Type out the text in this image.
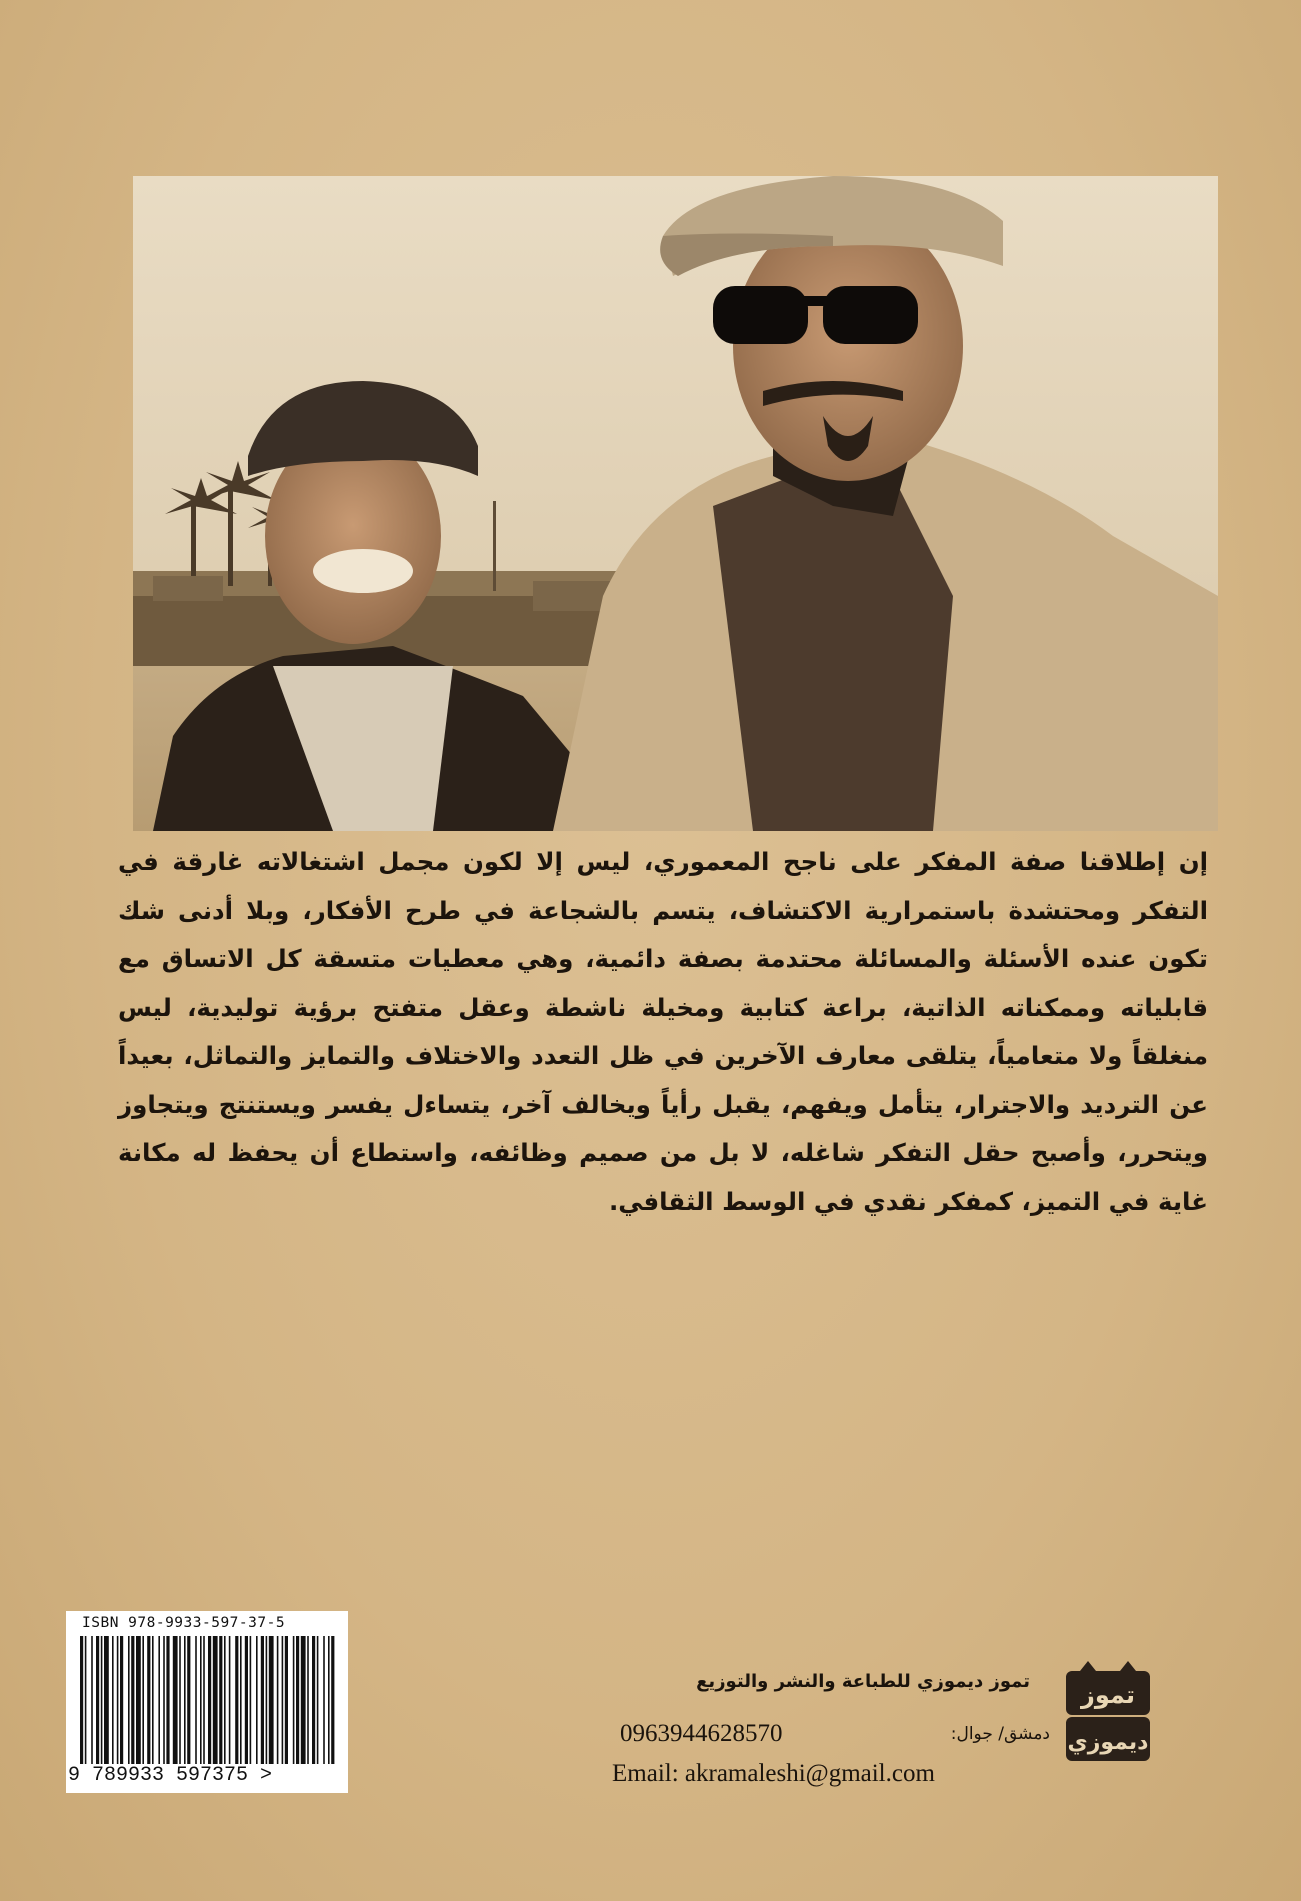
إن إطلاقنا صفة المفكر على ناجح المعموري، ليس إلا لكون مجمل اشتغالاته غارقة في التفكر ومحتشدة باستمرارية الاكتشاف، يتسم بالشجاعة في طرح الأفكار، وبلا أدنى شك تكون عنده الأسئلة والمسائلة محتدمة بصفة دائمية، وهي معطيات متسقة كل الاتساق مع قابلياته وممكناته الذاتية، براعة كتابية ومخيلة ناشطة وعقل متفتح برؤية توليدية، ليس منغلقاً ولا متعامياً، يتلقى معارف الآخرين في ظل التعدد والاختلاف والتمايز والتماثل، بعيداً عن الترديد والاجترار، يتأمل ويفهم، يقبل رأياً ويخالف آخر، يتساءل يفسر ويستنتج ويتجاوز ويتحرر، وأصبح حقل التفكر شاغله، لا بل من صميم وظائفه، واستطاع أن يحفظ له مكانة غاية في التميز، كمفكر نقدي في الوسط الثقافي.
ISBN 978-9933-597-37-5
9 789933 597375 >
تموز ديموزي للطباعة والنشر والتوزيع
0963944628570	دمشق/ جوال:
Email: akramaleshi@gmail.com
تموز
ديموزي
